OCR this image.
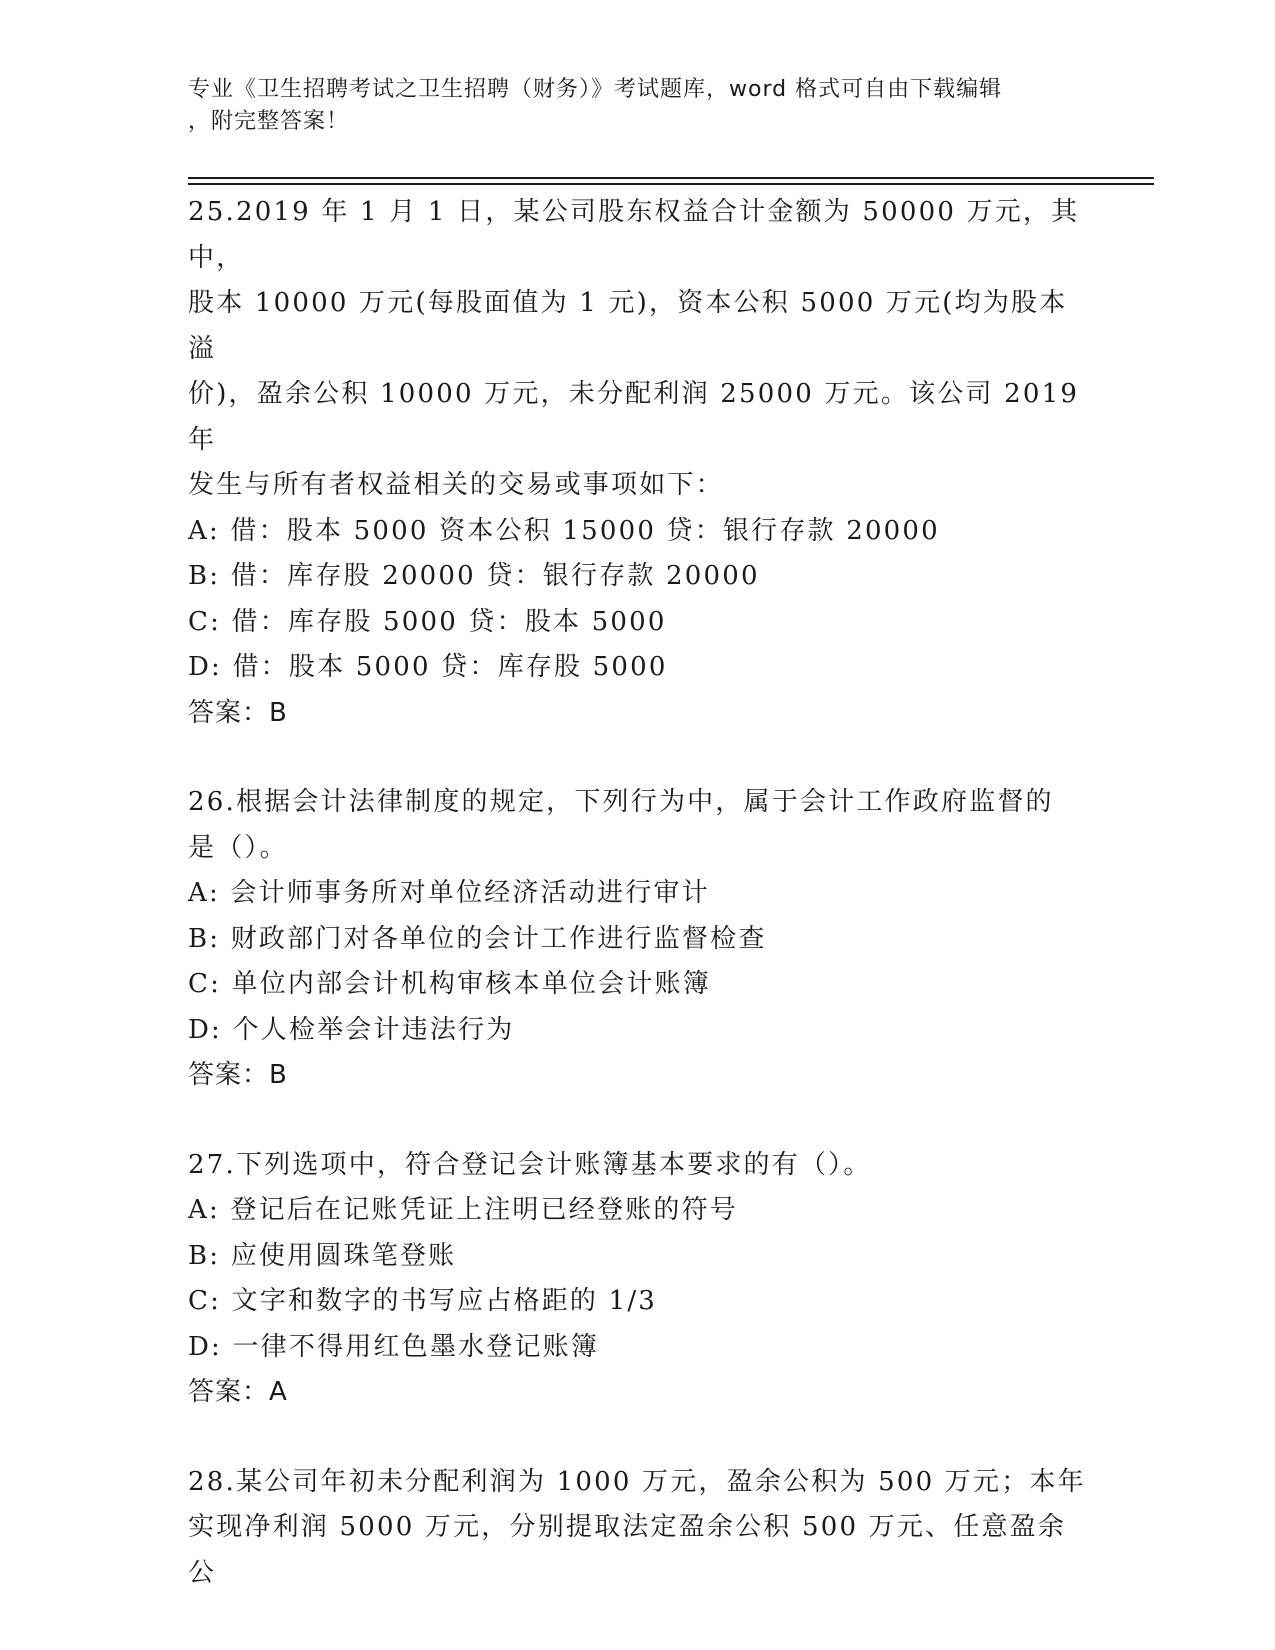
专业《卫生招聘考试之卫生招聘（财务）》考试题库，word 格式可自由下载编辑
，附完整答案！

25.2019 年 1 月 1 日，某公司股东权益合计金额为 50000 万元，其中，

股本 10000 万元(每股面值为 1 元)，资本公积 5000 万元(均为股本溢

价)，盈余公积 10000 万元，未分配利润 25000 万元。该公司 2019 年

发生与所有者权益相关的交易或事项如下：

A: 借：股本 5000 资本公积 15000 贷：银行存款 20000

B: 借：库存股 20000 贷：银行存款 20000

C: 借：库存股 5000 贷：股本 5000

D: 借：股本 5000 贷：库存股 5000

答案：B

26.根据会计法律制度的规定，下列行为中，属于会计工作政府监督的

是（）。

A: 会计师事务所对单位经济活动进行审计

B: 财政部门对各单位的会计工作进行监督检查

C: 单位内部会计机构审核本单位会计账簿

D: 个人检举会计违法行为

答案：B

27.下列选项中，符合登记会计账簿基本要求的有（）。

A: 登记后在记账凭证上注明已经登账的符号

B: 应使用圆珠笔登账

C: 文字和数字的书写应占格距的 1/3

D: 一律不得用红色墨水登记账簿

答案：A

28.某公司年初未分配利润为 1000 万元，盈余公积为 500 万元；本年

实现净利润 5000 万元，分别提取法定盈余公积 500 万元、任意盈余公
